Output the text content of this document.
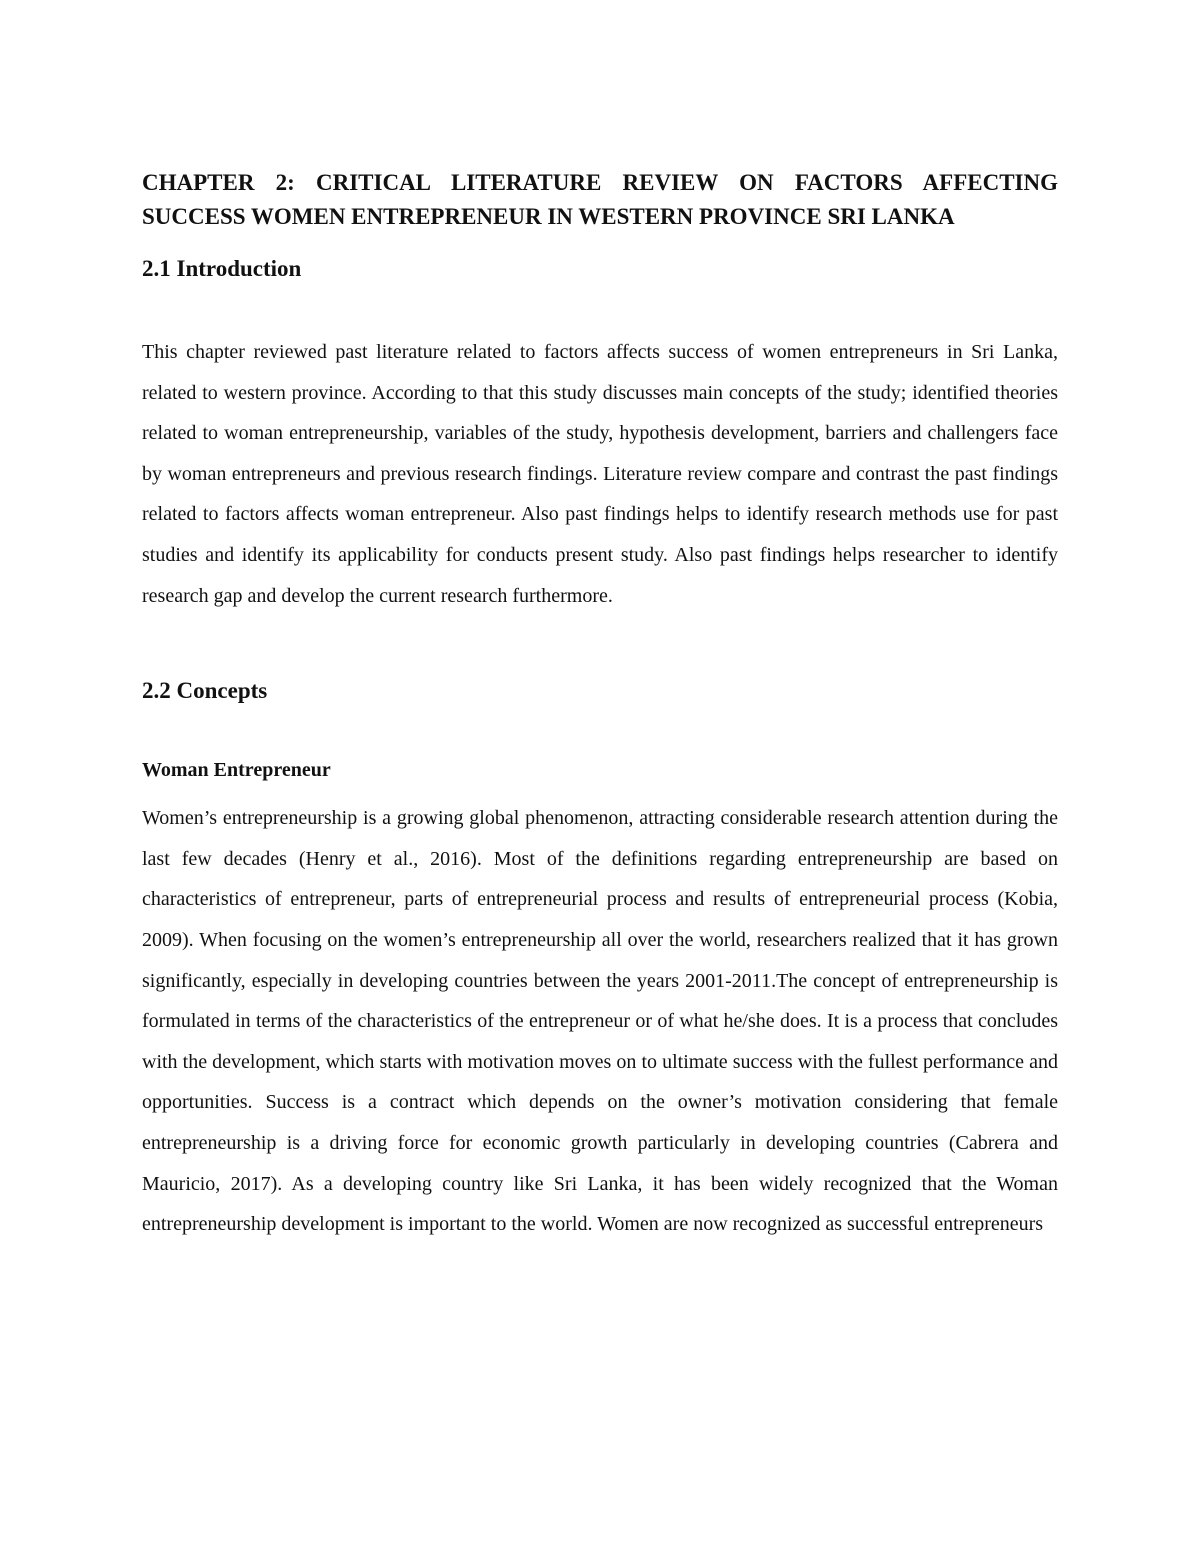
CHAPTER 2: CRITICAL LITERATURE REVIEW ON FACTORS AFFECTING SUCCESS WOMEN ENTREPRENEUR IN WESTERN PROVINCE SRI LANKA
2.1 Introduction

This chapter reviewed past literature related to factors affects success of women entrepreneurs in Sri Lanka, related to western province. According to that this study discusses main concepts of the study; identified theories related to woman entrepreneurship, variables of the study, hypothesis development, barriers and challengers face by woman entrepreneurs and previous research findings. Literature review compare and contrast the past findings related to factors affects woman entrepreneur. Also past findings helps to identify research methods use for past studies and identify its applicability for conducts present study. Also past findings helps researcher to identify research gap and develop the current research furthermore.

2.2 Concepts
Woman Entrepreneur

Women’s entrepreneurship is a growing global phenomenon, attracting considerable research attention during the last few decades (Henry et al., 2016). Most of the definitions regarding entrepreneurship are based on characteristics of entrepreneur, parts of entrepreneurial process and results of entrepreneurial process (Kobia, 2009). When focusing on the women’s entrepreneurship all over the world, researchers realized that it has grown significantly, especially in developing countries between the years 2001-2011.The concept of entrepreneurship is formulated in terms of the characteristics of the entrepreneur or of what he/she does. It is a process that concludes with the development, which starts with motivation moves on to ultimate success with the fullest performance and opportunities. Success is a contract which depends on the owner’s motivation considering that female entrepreneurship is a driving force for economic growth particularly in developing countries (Cabrera and Mauricio, 2017). As a developing country like Sri Lanka, it has been widely recognized that the Woman entrepreneurship development is important to the world. Women are now recognized as successful entrepreneurs
